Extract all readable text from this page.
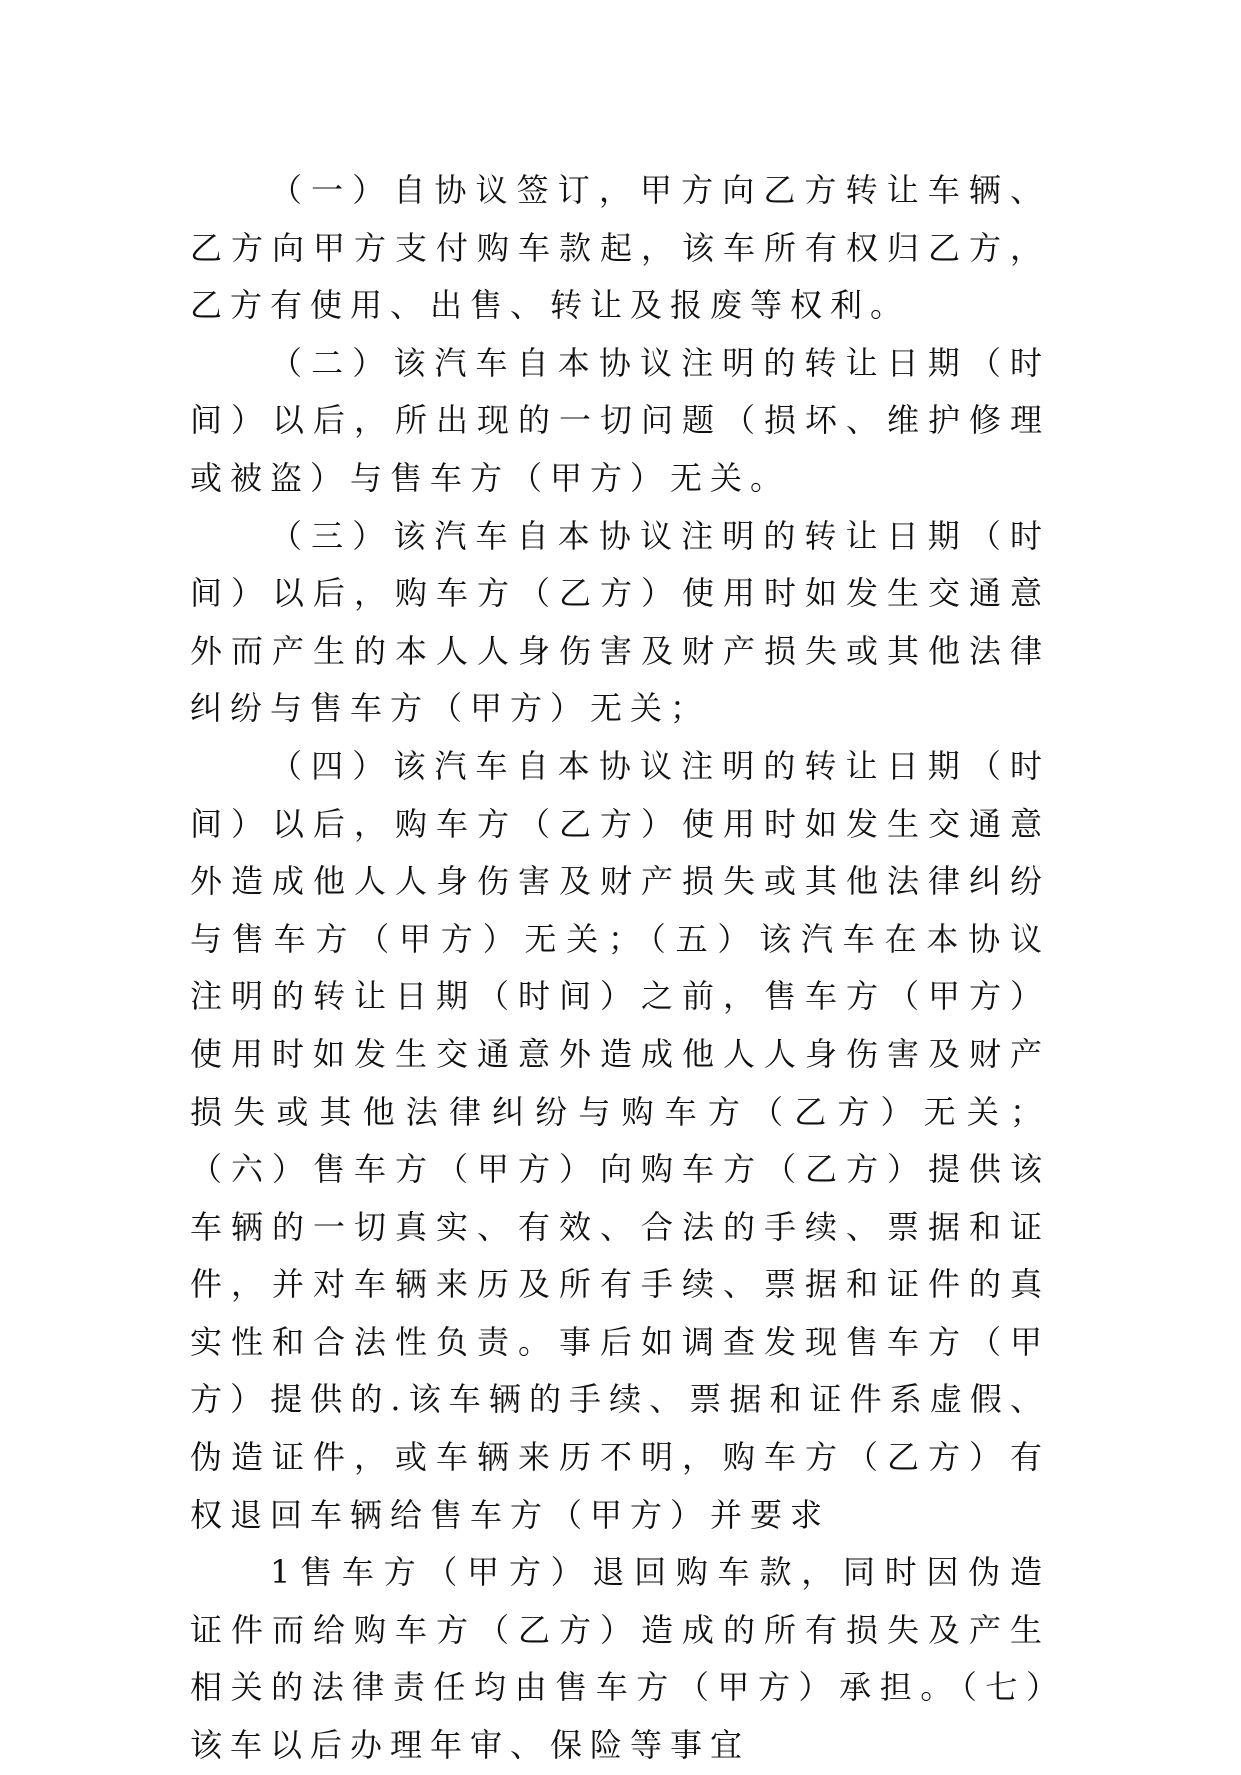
（一）自协议签订，甲方向乙方转让车辆、乙方向甲方支付购车款起，该车所有权归乙方，乙方有使用、出售、转让及报废等权利。

（二）该汽车自本协议注明的转让日期（时间）以后，所出现的一切问题（损坏、维护修理或被盗）与售车方（甲方）无关。

（三）该汽车自本协议注明的转让日期（时间）以后，购车方（乙方）使用时如发生交通意外而产生的本人人身伤害及财产损失或其他法律纠纷与售车方（甲方）无关；

（四）该汽车自本协议注明的转让日期（时间）以后，购车方（乙方）使用时如发生交通意外造成他人人身伤害及财产损失或其他法律纠纷与售车方（甲方）无关；（五）该汽车在本协议注明的转让日期（时间）之前，售车方（甲方）使用时如发生交通意外造成他人人身伤害及财产损失或其他法律纠纷与购车方（乙方）无关；（六）售车方（甲方）向购车方（乙方）提供该车辆的一切真实、有效、合法的手续、票据和证件，并对车辆来历及所有手续、票据和证件的真实性和合法性负责。事后如调查发现售车方（甲方）提供的.该车辆的手续、票据和证件系虚假、伪造证件，或车辆来历不明，购车方（乙方）有权退回车辆给售车方（甲方）并要求

1售车方（甲方）退回购车款，同时因伪造证件而给购车方（乙方）造成的所有损失及产生相关的法律责任均由售车方（甲方）承担。（七）该车以后办理年审、保险等事宜
